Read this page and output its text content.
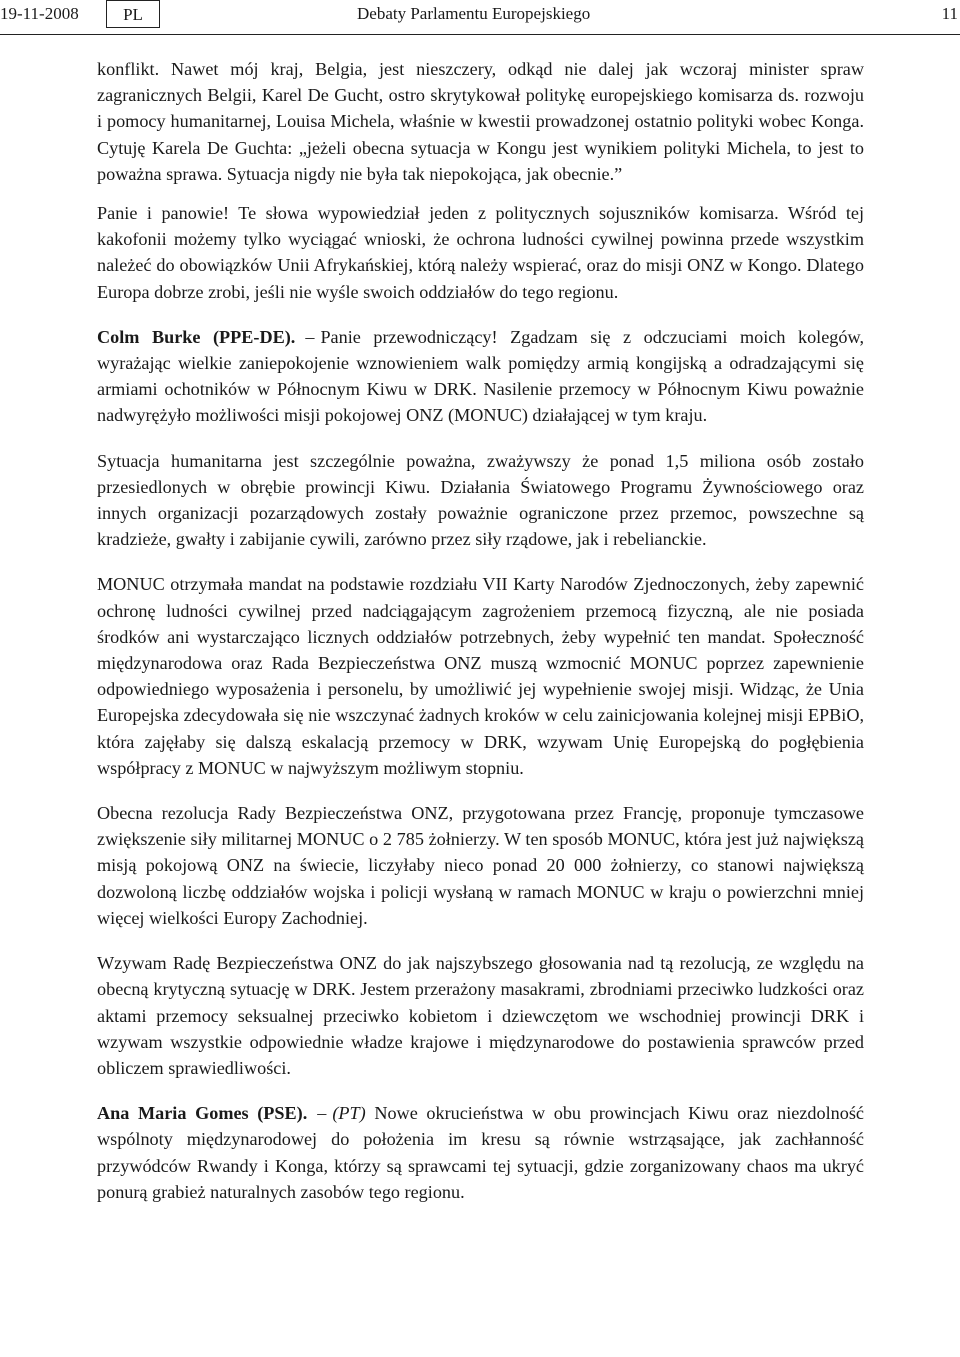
19-11-2008	PL	Debaty Parlamentu Europejskiego	11

konflikt. Nawet mój kraj, Belgia, jest nieszczery, odkąd nie dalej jak wczoraj minister spraw zagranicznych Belgii, Karel De Gucht, ostro skrytykował politykę europejskiego komisarza ds. rozwoju i pomocy humanitarnej, Louisa Michela, właśnie w kwestii prowadzonej ostatnio polityki wobec Konga. Cytuję Karela De Guchta: „jeżeli obecna sytuacja w Kongu jest wynikiem polityki Michela, to jest to poważna sprawa. Sytuacja nigdy nie była tak niepokojąca, jak obecnie.”

Panie i panowie! Te słowa wypowiedział jeden z politycznych sojuszników komisarza. Wśród tej kakofonii możemy tylko wyciągać wnioski, że ochrona ludności cywilnej powinna przede wszystkim należeć do obowiązków Unii Afrykańskiej, którą należy wspierać, oraz do misji ONZ w Kongo. Dlatego Europa dobrze zrobi, jeśli nie wyśle swoich oddziałów do tego regionu.

Colm Burke (PPE-DE). – Panie przewodniczący! Zgadzam się z odczuciami moich kolegów, wyrażając wielkie zaniepokojenie wznowieniem walk pomiędzy armią kongijską a odradzającymi się armiami ochotników w Północnym Kiwu w DRK. Nasilenie przemocy w Północnym Kiwu poważnie nadwyrężyło możliwości misji pokojowej ONZ (MONUC) działającej w tym kraju.

Sytuacja humanitarna jest szczególnie poważna, zważywszy że ponad 1,5 miliona osób zostało przesiedlonych w obrębie prowincji Kiwu. Działania Światowego Programu Żywnościowego oraz innych organizacji pozarządowych zostały poważnie ograniczone przez przemoc, powszechne są kradzieże, gwałty i zabijanie cywili, zarówno przez siły rządowe, jak i rebelianckie.

MONUC otrzymała mandat na podstawie rozdziału VII Karty Narodów Zjednoczonych, żeby zapewnić ochronę ludności cywilnej przed nadciągającym zagrożeniem przemocą fizyczną, ale nie posiada środków ani wystarczająco licznych oddziałów potrzebnych, żeby wypełnić ten mandat. Społeczność międzynarodowa oraz Rada Bezpieczeństwa ONZ muszą wzmocnić MONUC poprzez zapewnienie odpowiedniego wyposażenia i personelu, by umożliwić jej wypełnienie swojej misji. Widząc, że Unia Europejska zdecydowała się nie wszczynać żadnych kroków w celu zainicjowania kolejnej misji EPBiO, która zajęłaby się dalszą eskalacją przemocy w DRK, wzywam Unię Europejską do pogłębienia współpracy z MONUC w najwyższym możliwym stopniu.

Obecna rezolucja Rady Bezpieczeństwa ONZ, przygotowana przez Francję, proponuje tymczasowe zwiększenie siły militarnej MONUC o 2 785 żołnierzy. W ten sposób MONUC, która jest już największą misją pokojową ONZ na świecie, liczyłaby nieco ponad 20 000 żołnierzy, co stanowi największą dozwoloną liczbę oddziałów wojska i policji wysłaną w ramach MONUC w kraju o powierzchni mniej więcej wielkości Europy Zachodniej.

Wzywam Radę Bezpieczeństwa ONZ do jak najszybszego głosowania nad tą rezolucją, ze względu na obecną krytyczną sytuację w DRK. Jestem przerażony masakrami, zbrodniami przeciwko ludzkości oraz aktami przemocy seksualnej przeciwko kobietom i dziewczętom we wschodniej prowincji DRK i wzywam wszystkie odpowiednie władze krajowe i międzynarodowe do postawienia sprawców przed obliczem sprawiedliwości.

Ana Maria Gomes (PSE). – (PT) Nowe okrucieństwa w obu prowincjach Kiwu oraz niezdolność wspólnoty międzynarodowej do położenia im kresu są równie wstrząsające, jak zachłanność przywódców Rwandy i Konga, którzy są sprawcami tej sytuacji, gdzie zorganizowany chaos ma ukryć ponurą grabież naturalnych zasobów tego regionu.
